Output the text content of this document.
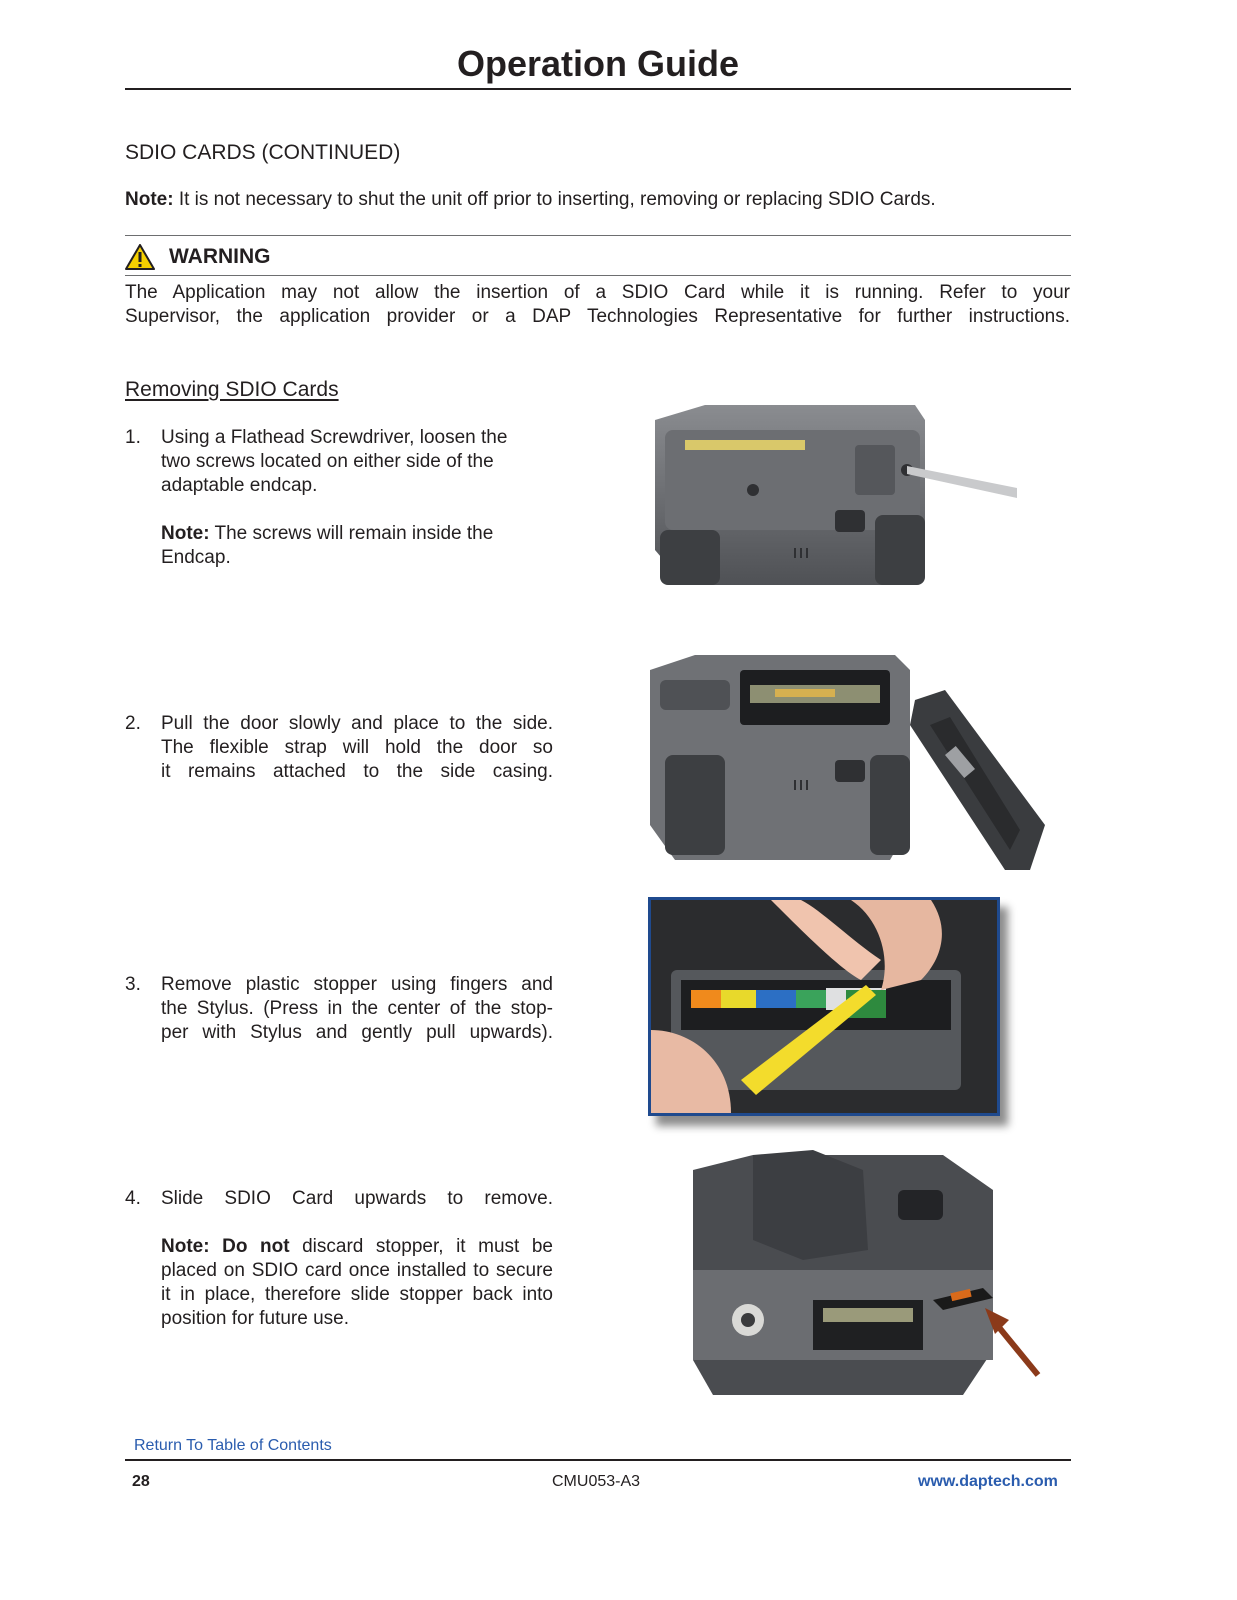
Operation Guide
SDIO CARDS (CONTINUED)
Note: It is not necessary to shut the unit off prior to inserting, removing or replacing SDIO Cards.
WARNING
The Application may not allow the insertion of a SDIO Card while it is running. Refer to your
Supervisor, the application provider or a DAP Technologies Representative for further instructions.
Removing SDIO Cards
1.	Using a Flathead Screwdriver, loosen the
two screws located on either side of the
adaptable endcap.
Note: The screws will remain inside the
Endcap.
2.	Pull the door slowly and place to the side.
The flexible strap will hold the door so
it remains attached to the side casing.
3.	Remove plastic stopper using fingers and
the Stylus. (Press in the center of the stop-
per with Stylus and gently pull upwards).
4.	Slide SDIO Card upwards to remove.
Note: Do not discard stopper, it must be
placed on SDIO card once installed to secure
it in place, therefore slide stopper back into
position for future use.
Return To Table of Contents
28	CMU053-A3	www.daptech.com
